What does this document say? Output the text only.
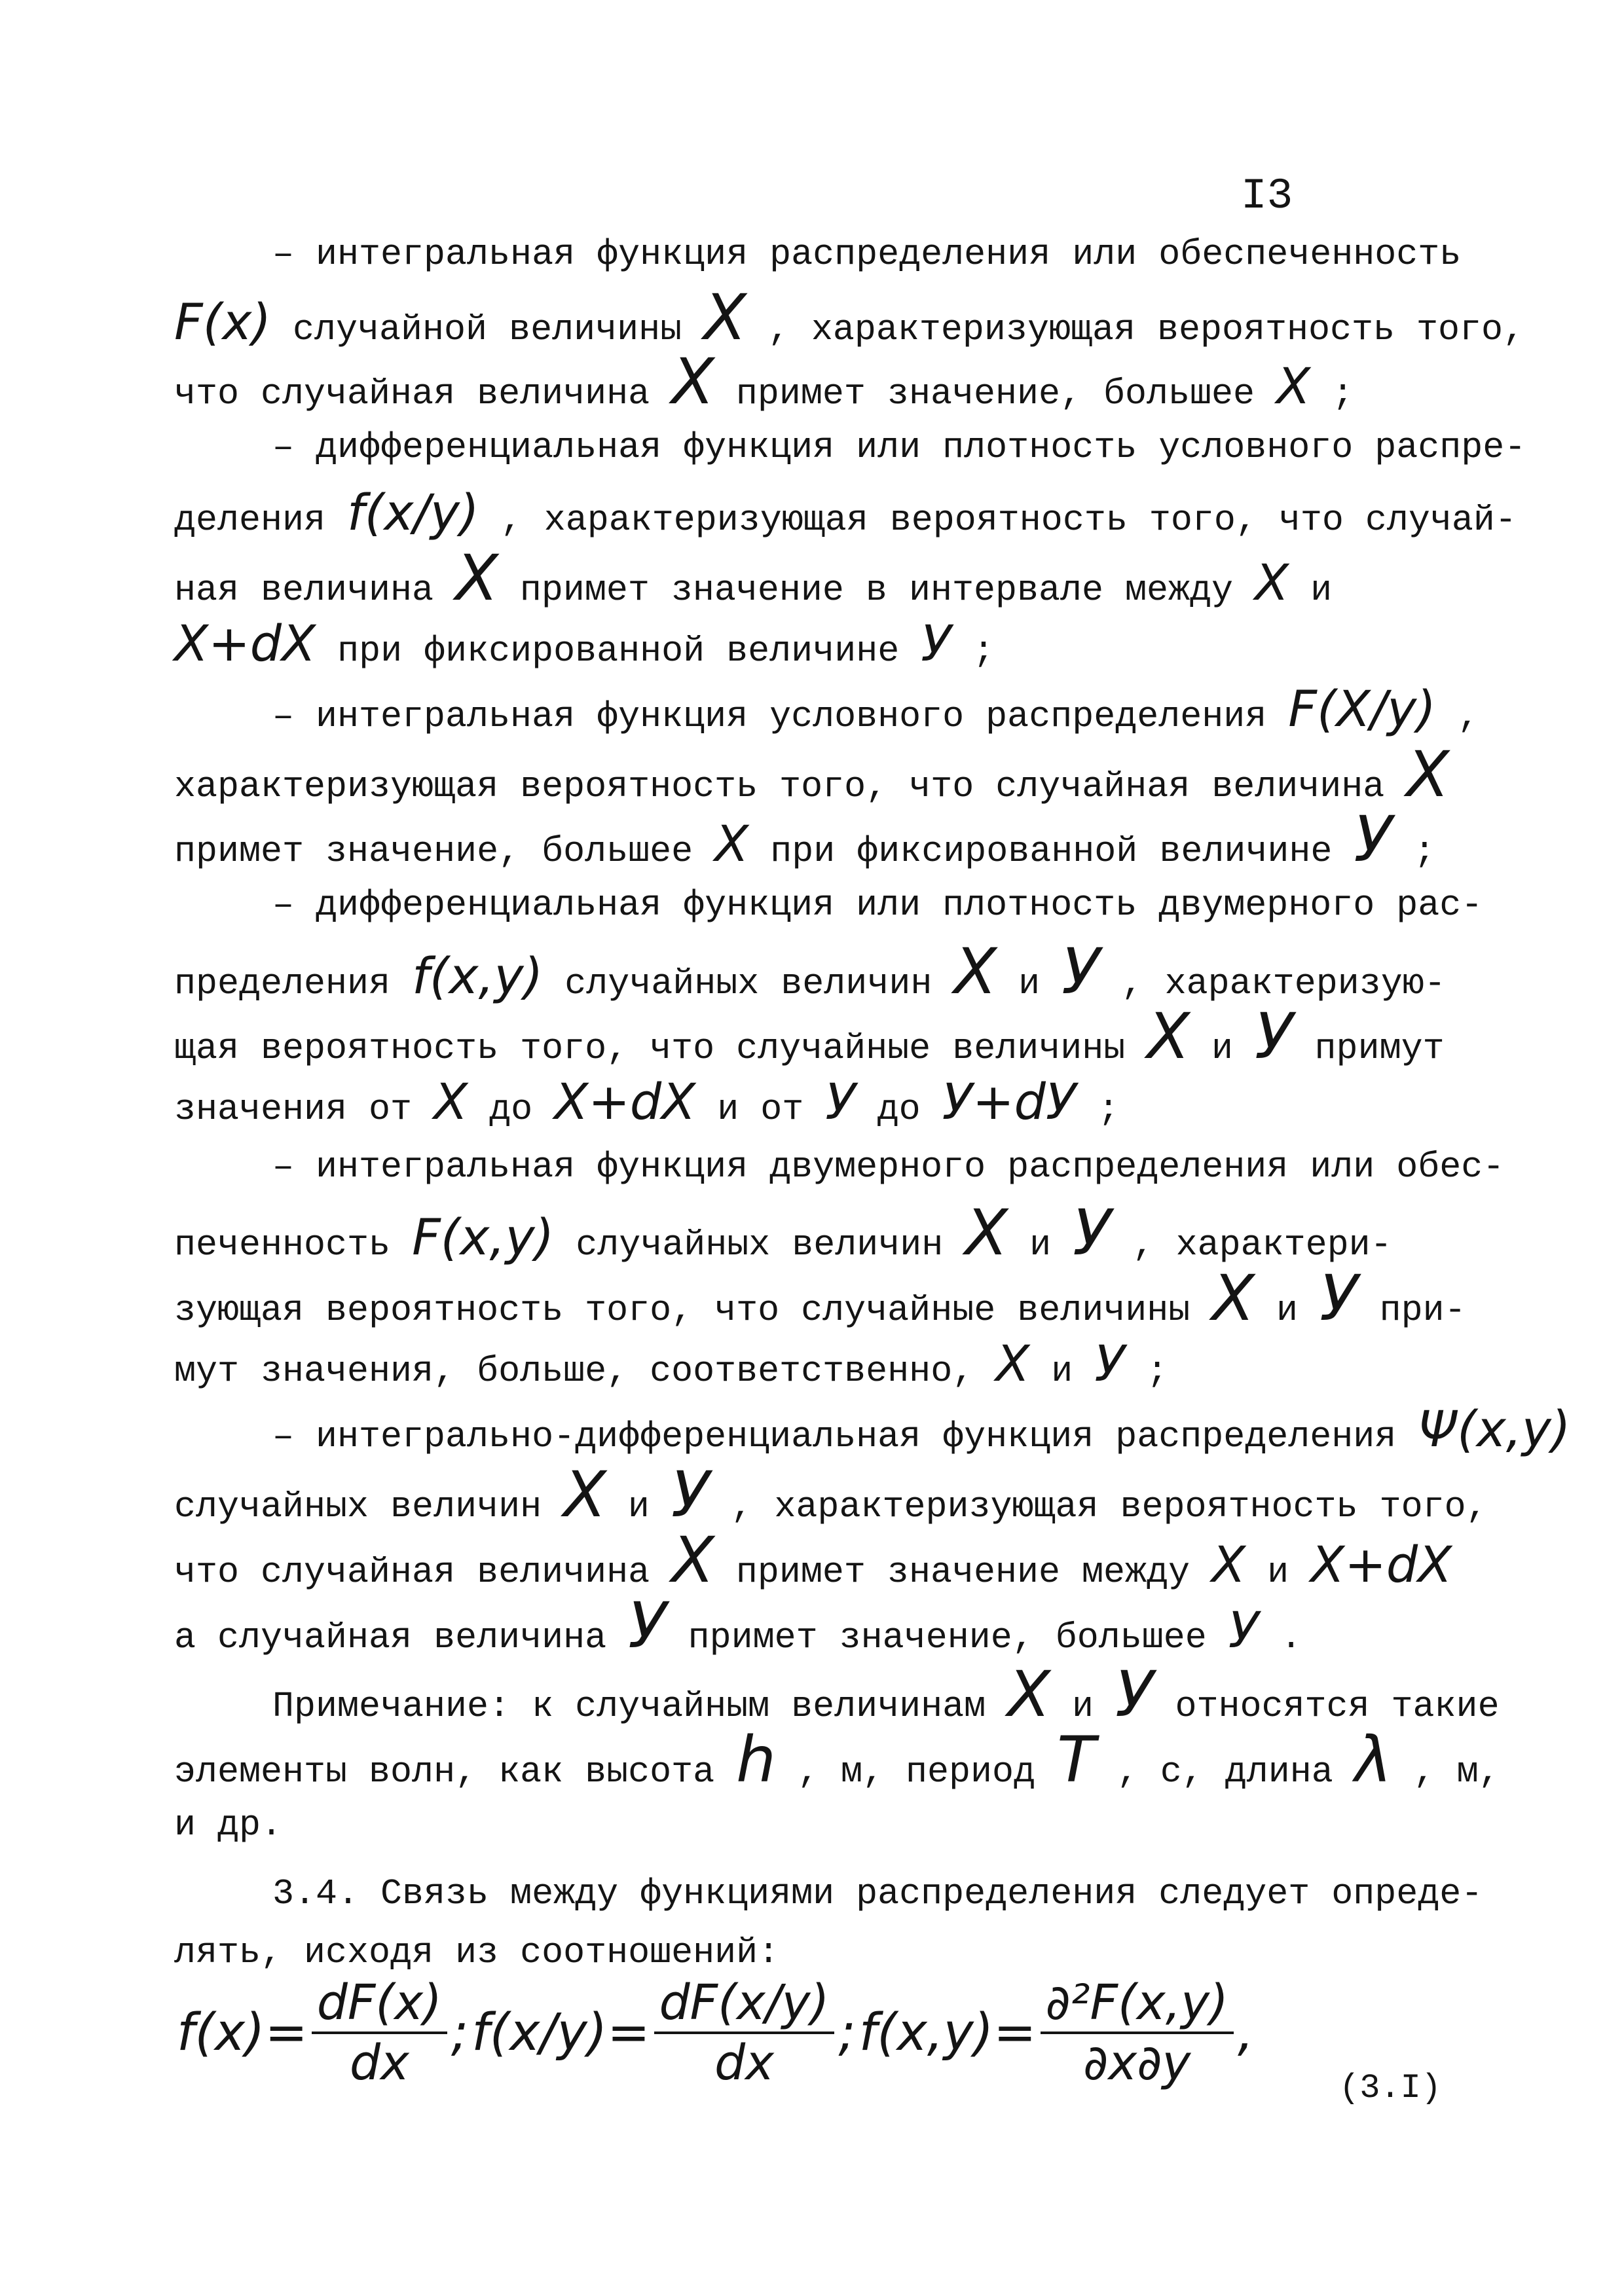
I3
– интегральная функция распределения или обеспеченность
F(x) случайной величины X , характеризующая вероятность того,
что случайная величина X примет значение, большее X ;
– дифференциальная функция или плотность условного распре-
деления f(x/y) , характеризующая вероятность того, что случай-
ная величина X примет значение в интервале между X и
X+dX при фиксированной величине У ;
– интегральная функция условного распределения F(X/y) ,
характеризующая вероятность того, что случайная величина X
примет значение, большее X при фиксированной величине У ;
– дифференциальная функция или плотность двумерного рас-
пределения f(x,y) случайных величин X и У , характеризую-
щая вероятность того, что случайные величины X и У примут
значения от X до X+dX и от У до У+dУ ;
– интегральная функция двумерного распределения или обес-
печенность F(x,y) случайных величин X и У , характери-
зующая вероятность того, что случайные величины X и У при-
мут значения, больше, соответственно, X и У ;
– интегрально-дифференциальная функция распределения Ψ(x,y)
случайных величин X и У , характеризующая вероятность того,
что случайная величина X примет значение между X и X+dX
а случайная величина У примет значение, большее У .
Примечание: к случайным величинам X и У относятся такие
элементы волн, как высота h , м, период T , с, длина λ , м,
и др.
3.4. Связь между функциями распределения следует опреде-
лять, исходя из соотношений:
$f(x)= \frac{dF(x)}{dx}$ ; $f(x/y)= \frac{dF(x/y)}{dx}$ ; $f(x,y)= \frac{\text{∂²F(x,y)}}{\partial x\partial y}$ ,
(3.I)
